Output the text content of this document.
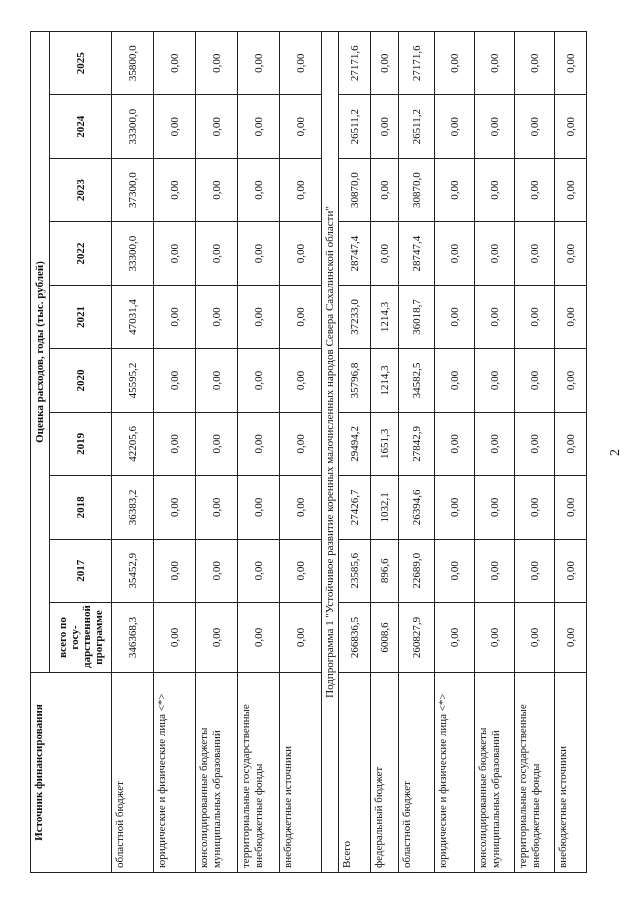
2
Источник финансирования	Оценка расходов, годы (тыс. рублей)									
	всего по госу-дарственной программе	2017	2018	2019	2020	2021	2022	2023	2024	2025
областной бюджет	346368,3	35452,9	36383,2	42205,6	45595,2	47031,4	33300,0	37300,0	33300,0	35800,0
юридические и физические лица <*>	0,00	0,00	0,00	0,00	0,00	0,00	0,00	0,00	0,00	0,00
консолидированные бюджеты муниципальных образований	0,00	0,00	0,00	0,00	0,00	0,00	0,00	0,00	0,00	0,00
территориальные государственные внебюджетные фонды	0,00	0,00	0,00	0,00	0,00	0,00	0,00	0,00	0,00	0,00
внебюджетные источники	0,00	0,00	0,00	0,00	0,00	0,00	0,00	0,00	0,00	0,00
Подпрограмма 1 "Устойчивое развитие коренных малочисленных народов Севера Сахалинской области"										
Всего	266836,5	23585,6	27426,7	29494,2	35796,8	37233,0	28747,4	30870,0	26511,2	27171,6
федеральный бюджет	6008,6	896,6	1032,1	1651,3	1214,3	1214,3	0,00	0,00	0,00	0,00
областной бюджет	260827,9	22689,0	26394,6	27842,9	34582,5	36018,7	28747,4	30870,0	26511,2	27171,6
юридические и физические лица <*>	0,00	0,00	0,00	0,00	0,00	0,00	0,00	0,00	0,00	0,00
консолидированные бюджеты муниципальных образований	0,00	0,00	0,00	0,00	0,00	0,00	0,00	0,00	0,00	0,00
территориальные государственные внебюджетные фонды	0,00	0,00	0,00	0,00	0,00	0,00	0,00	0,00	0,00	0,00
внебюджетные источники	0,00	0,00	0,00	0,00	0,00	0,00	0,00	0,00	0,00	0,00
